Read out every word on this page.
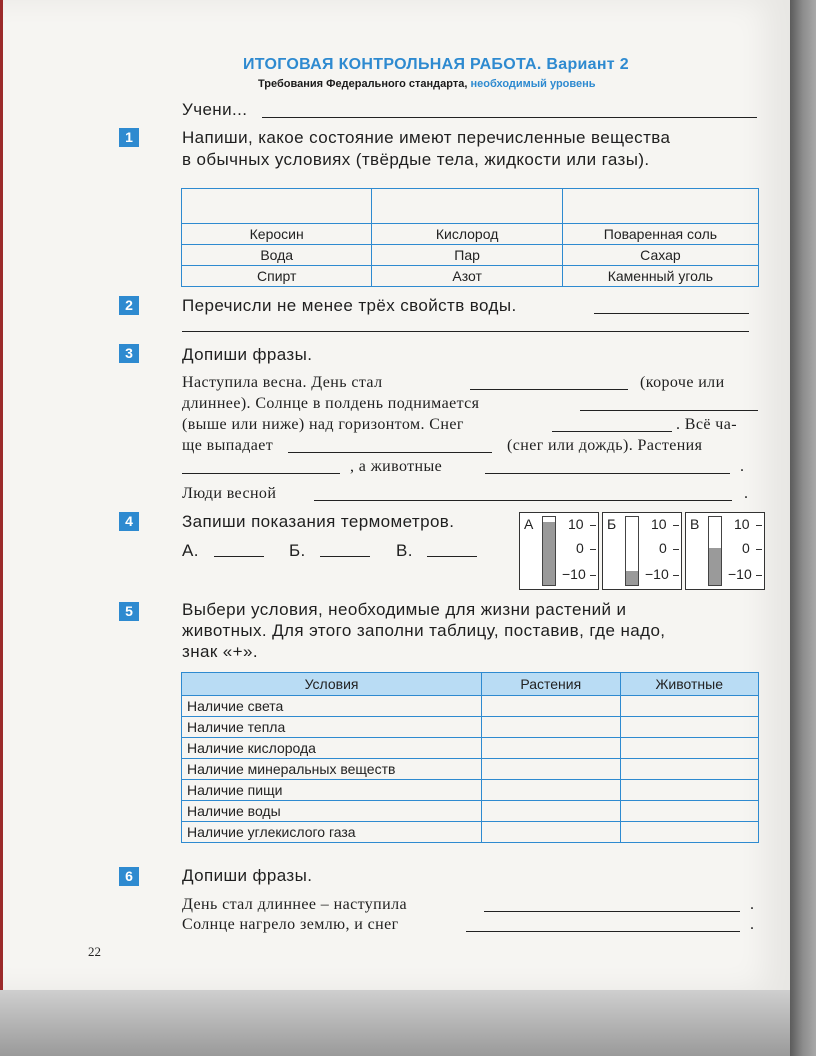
ИТОГОВАЯ КОНТРОЛЬНАЯ РАБОТА. Вариант 2
Требования Федерального стандарта, необходимый уровень
Учени...
1	Напиши, какое состояние имеют перечисленные вещества
в обычных условиях (твёрдые тела, жидкости или газы).

Керосин	Кислород	Поваренная соль
Вода	Пар	Сахар
Спирт	Азот	Каменный уголь
2	Перечисли не менее трёх свойств воды.
3	Допиши фразы.
Наступила весна. День стал	(короче или
длиннее). Солнце в полдень поднимается
(выше или ниже) над горизонтом. Снег	. Всё ча-
ще выпадает	(снег или дождь). Растения
, а животные	.
Люди весной	.
4	Запиши показания термометров.
А.	Б.	В.
А 10
0
−10
Б 10
0
−10
В 10
0
−10
5	Выбери условия, необходимые для жизни растений и
животных. Для этого заполни таблицу, поставив, где надо,
знак «+».
Условия	Растения	Животные
Наличие света		
Наличие тепла		
Наличие кислорода		
Наличие минеральных веществ		
Наличие пищи		
Наличие воды		
Наличие углекислого газа		
6	Допиши фразы.
День стал длиннее – наступила	.
Солнце нагрело землю, и снег	.
22
